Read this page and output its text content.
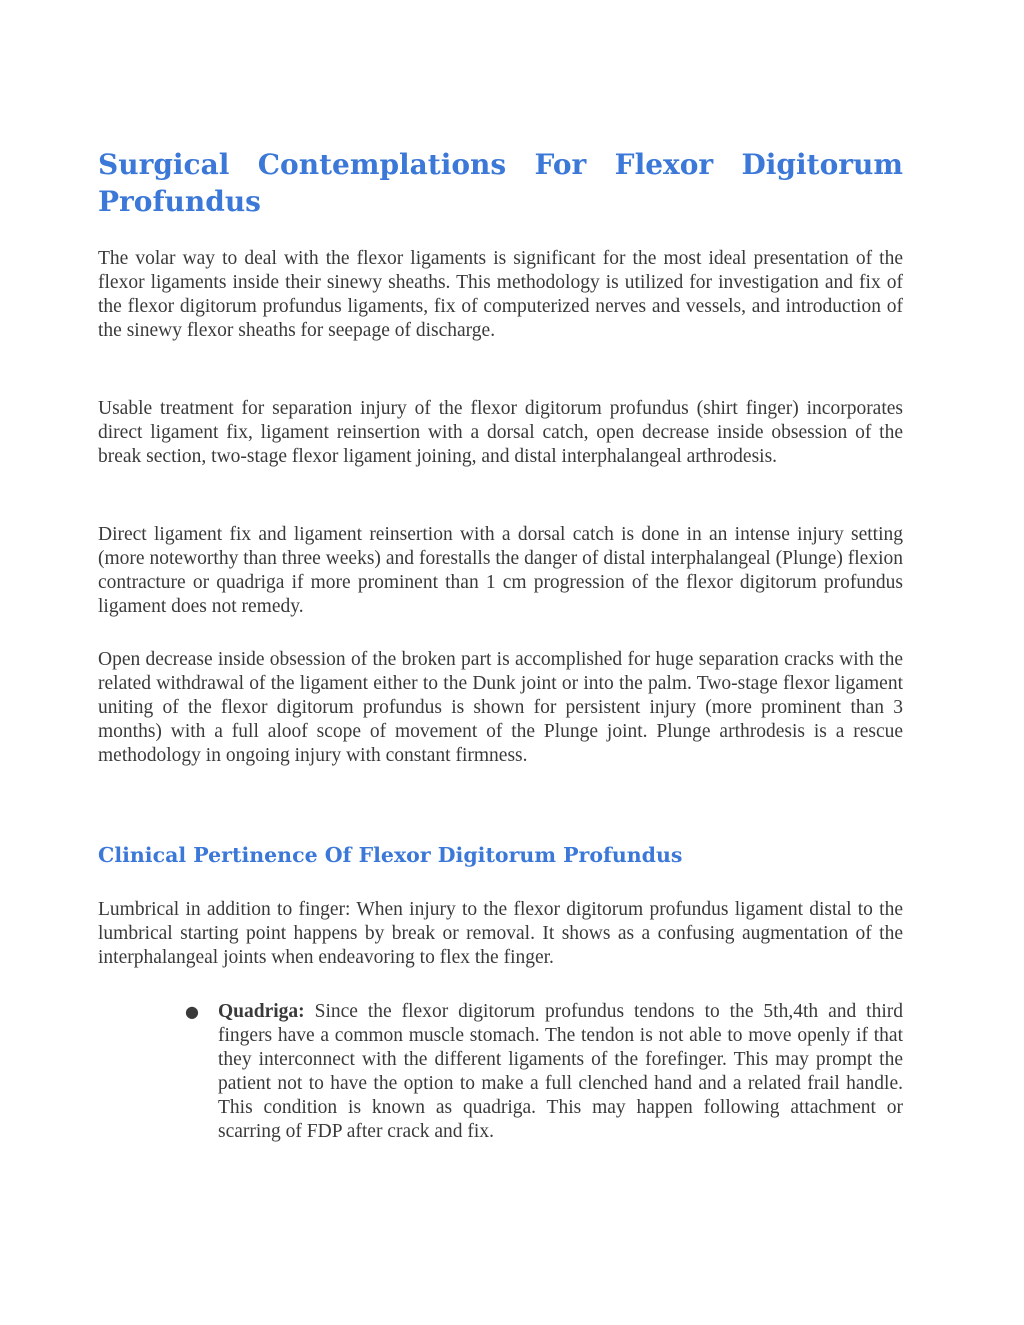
Surgical Contemplations For Flexor Digitorum Profundus

The volar way to deal with the flexor ligaments is significant for the most ideal presentation of the flexor ligaments inside their sinewy sheaths. This methodology is utilized for investigation and fix of the flexor digitorum profundus ligaments, fix of computerized nerves and vessels, and introduction of the sinewy flexor sheaths for seepage of discharge.

Usable treatment for separation injury of the flexor digitorum profundus (shirt finger) incorporates direct ligament fix, ligament reinsertion with a dorsal catch, open decrease inside obsession of the break section, two-stage flexor ligament joining, and distal interphalangeal arthrodesis.

Direct ligament fix and ligament reinsertion with a dorsal catch is done in an intense injury setting (more noteworthy than three weeks) and forestalls the danger of distal interphalangeal (Plunge) flexion contracture or quadriga if more prominent than 1 cm progression of the flexor digitorum profundus ligament does not remedy.

Open decrease inside obsession of the broken part is accomplished for huge separation cracks with the related withdrawal of the ligament either to the Dunk joint or into the palm. Two-stage flexor ligament uniting of the flexor digitorum profundus is shown for persistent injury (more prominent than 3 months) with a full aloof scope of movement of the Plunge joint. Plunge arthrodesis is a rescue methodology in ongoing injury with constant firmness.

Clinical Pertinence Of Flexor Digitorum Profundus

Lumbrical in addition to finger: When injury to the flexor digitorum profundus ligament distal to the lumbrical starting point happens by break or removal. It shows as a confusing augmentation of the interphalangeal joints when endeavoring to flex the finger.

● Quadriga: Since the flexor digitorum profundus tendons to the 5th,4th and third fingers have a common muscle stomach. The tendon is not able to move openly if that they interconnect with the different ligaments of the forefinger. This may prompt the patient not to have the option to make a full clenched hand and a related frail handle. This condition is known as quadriga. This may happen following attachment or scarring of FDP after crack and fix.
